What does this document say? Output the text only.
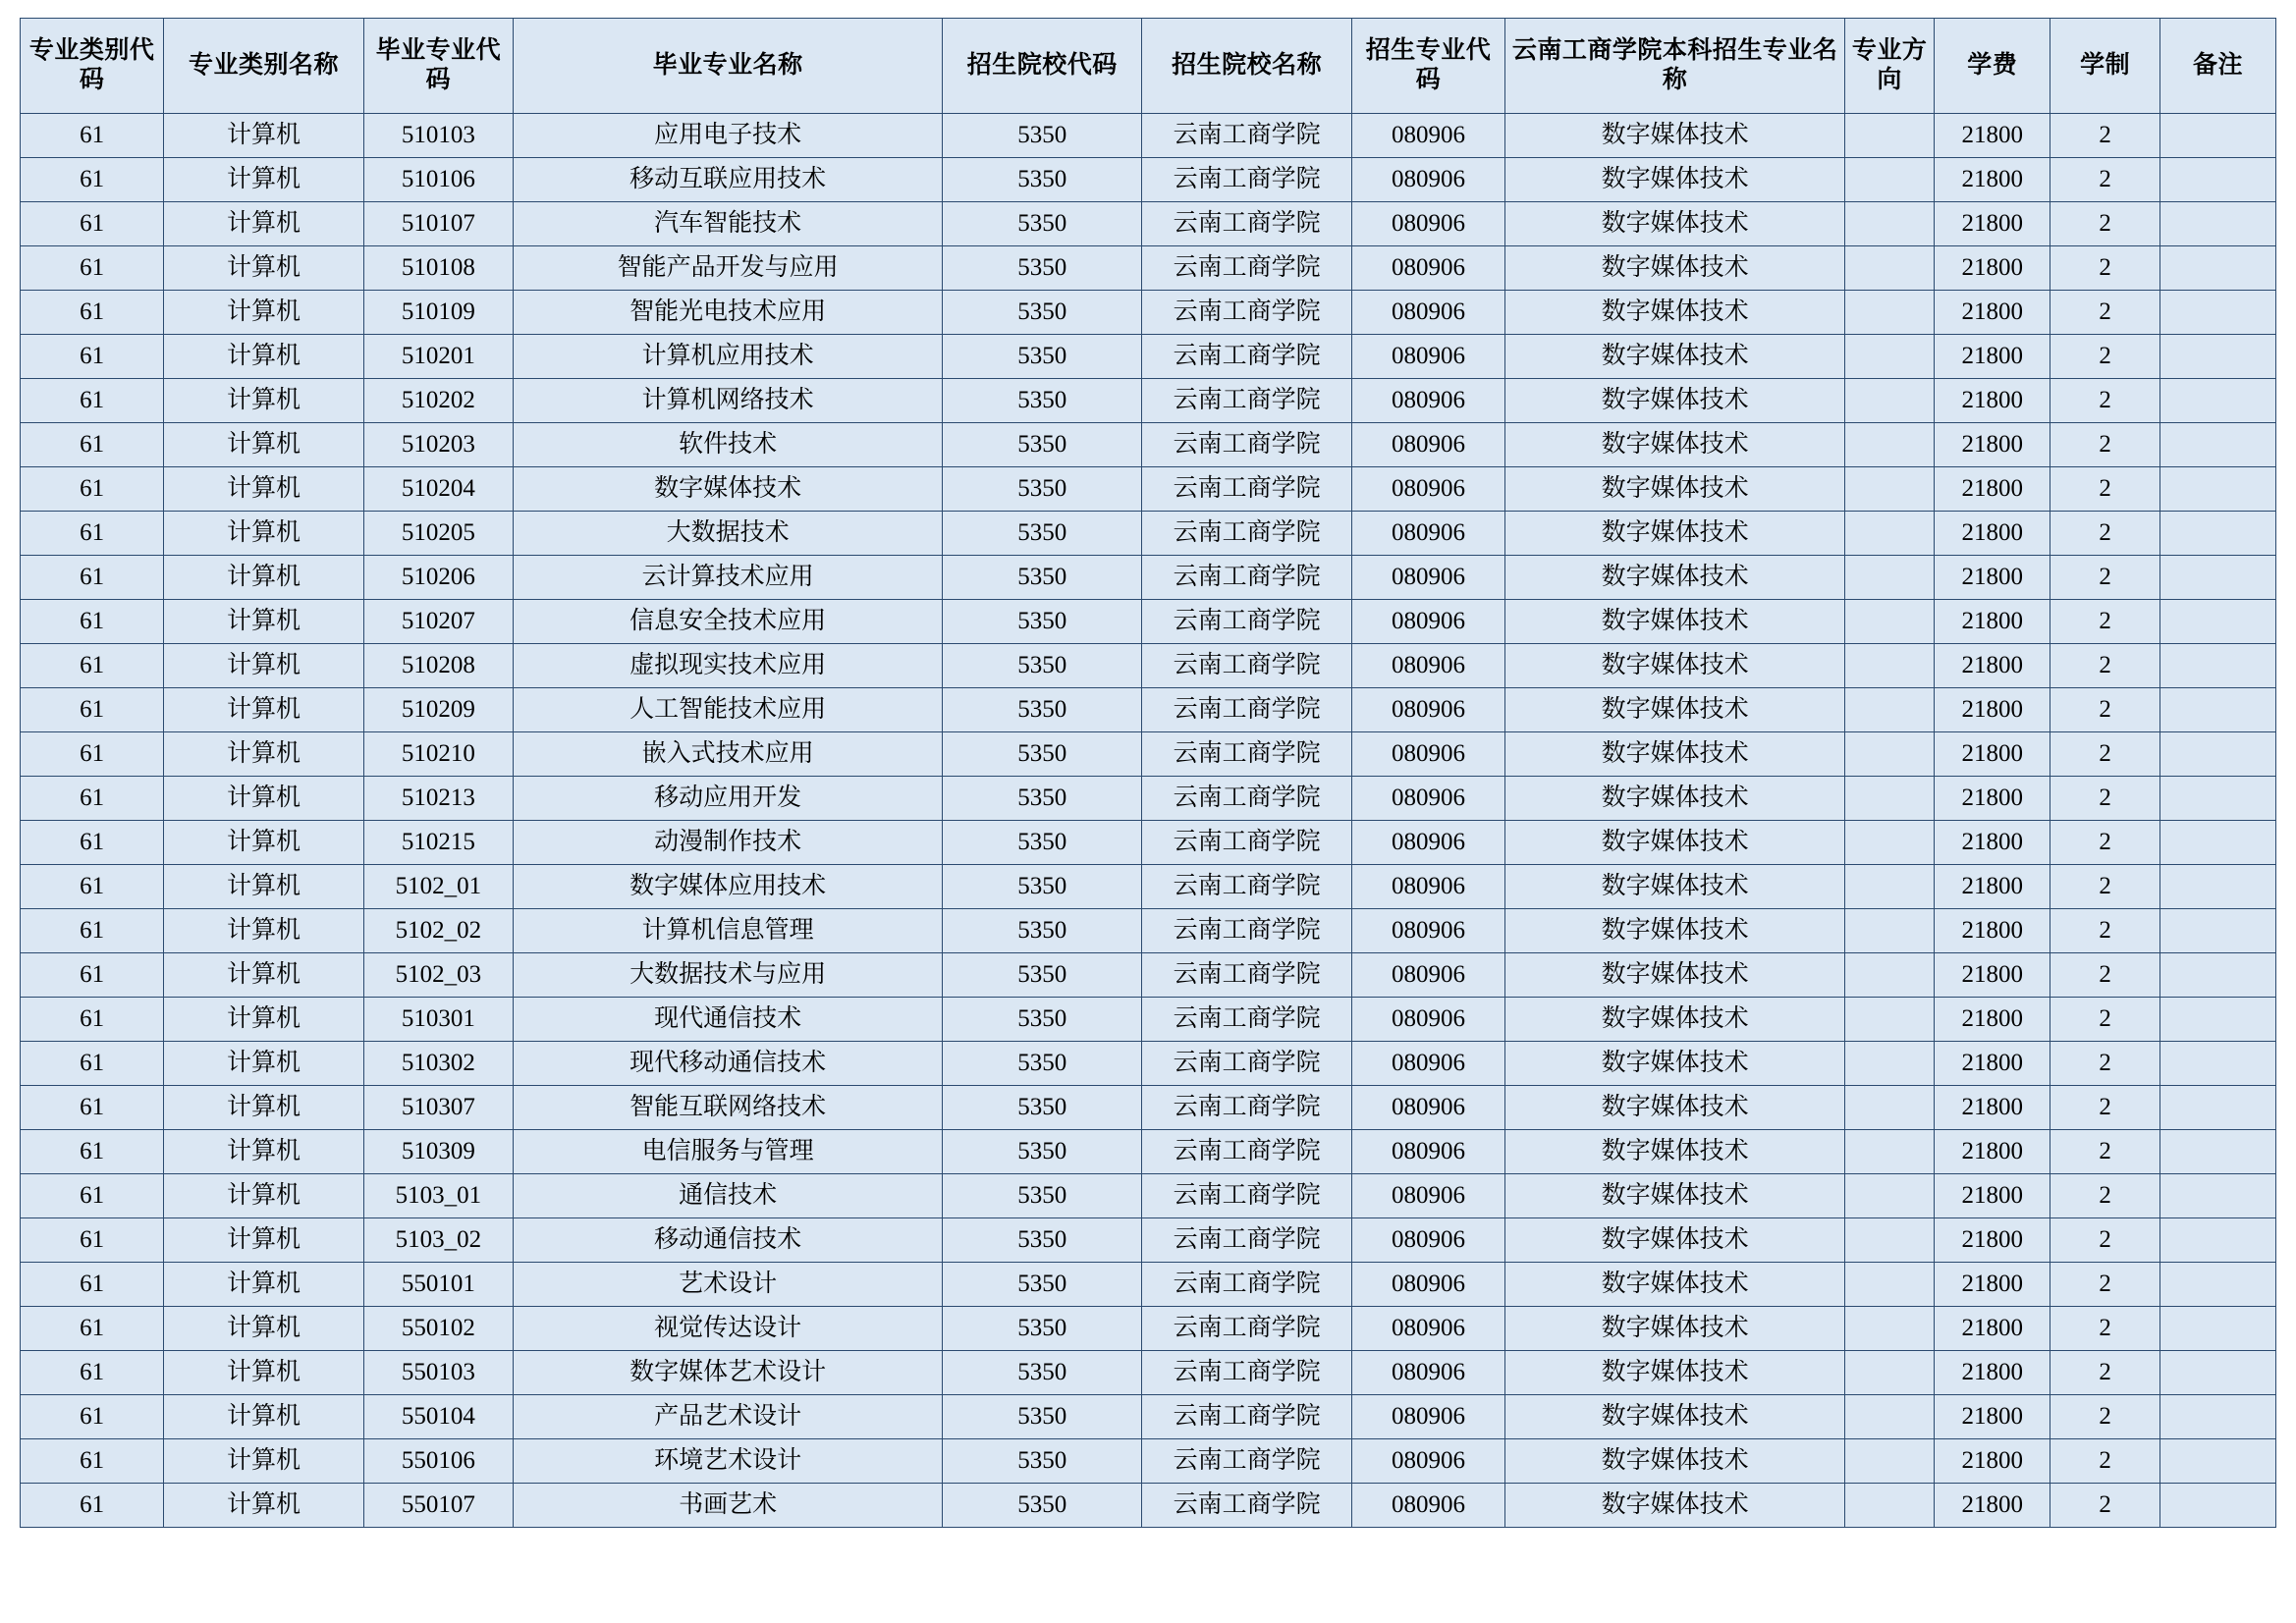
专业类别代码	专业类别名称	毕业专业代码	毕业专业名称	招生院校代码	招生院校名称	招生专业代码	云南工商学院本科招生专业名称	专业方向	学费	学制	备注
61	计算机	510103	应用电子技术	5350	云南工商学院	080906	数字媒体技术		21800	2	
61	计算机	510106	移动互联应用技术	5350	云南工商学院	080906	数字媒体技术		21800	2	
61	计算机	510107	汽车智能技术	5350	云南工商学院	080906	数字媒体技术		21800	2	
61	计算机	510108	智能产品开发与应用	5350	云南工商学院	080906	数字媒体技术		21800	2	
61	计算机	510109	智能光电技术应用	5350	云南工商学院	080906	数字媒体技术		21800	2	
61	计算机	510201	计算机应用技术	5350	云南工商学院	080906	数字媒体技术		21800	2	
61	计算机	510202	计算机网络技术	5350	云南工商学院	080906	数字媒体技术		21800	2	
61	计算机	510203	软件技术	5350	云南工商学院	080906	数字媒体技术		21800	2	
61	计算机	510204	数字媒体技术	5350	云南工商学院	080906	数字媒体技术		21800	2	
61	计算机	510205	大数据技术	5350	云南工商学院	080906	数字媒体技术		21800	2	
61	计算机	510206	云计算技术应用	5350	云南工商学院	080906	数字媒体技术		21800	2	
61	计算机	510207	信息安全技术应用	5350	云南工商学院	080906	数字媒体技术		21800	2	
61	计算机	510208	虚拟现实技术应用	5350	云南工商学院	080906	数字媒体技术		21800	2	
61	计算机	510209	人工智能技术应用	5350	云南工商学院	080906	数字媒体技术		21800	2	
61	计算机	510210	嵌入式技术应用	5350	云南工商学院	080906	数字媒体技术		21800	2	
61	计算机	510213	移动应用开发	5350	云南工商学院	080906	数字媒体技术		21800	2	
61	计算机	510215	动漫制作技术	5350	云南工商学院	080906	数字媒体技术		21800	2	
61	计算机	5102_01	数字媒体应用技术	5350	云南工商学院	080906	数字媒体技术		21800	2	
61	计算机	5102_02	计算机信息管理	5350	云南工商学院	080906	数字媒体技术		21800	2	
61	计算机	5102_03	大数据技术与应用	5350	云南工商学院	080906	数字媒体技术		21800	2	
61	计算机	510301	现代通信技术	5350	云南工商学院	080906	数字媒体技术		21800	2	
61	计算机	510302	现代移动通信技术	5350	云南工商学院	080906	数字媒体技术		21800	2	
61	计算机	510307	智能互联网络技术	5350	云南工商学院	080906	数字媒体技术		21800	2	
61	计算机	510309	电信服务与管理	5350	云南工商学院	080906	数字媒体技术		21800	2	
61	计算机	5103_01	通信技术	5350	云南工商学院	080906	数字媒体技术		21800	2	
61	计算机	5103_02	移动通信技术	5350	云南工商学院	080906	数字媒体技术		21800	2	
61	计算机	550101	艺术设计	5350	云南工商学院	080906	数字媒体技术		21800	2	
61	计算机	550102	视觉传达设计	5350	云南工商学院	080906	数字媒体技术		21800	2	
61	计算机	550103	数字媒体艺术设计	5350	云南工商学院	080906	数字媒体技术		21800	2	
61	计算机	550104	产品艺术设计	5350	云南工商学院	080906	数字媒体技术		21800	2	
61	计算机	550106	环境艺术设计	5350	云南工商学院	080906	数字媒体技术		21800	2	
61	计算机	550107	书画艺术	5350	云南工商学院	080906	数字媒体技术		21800	2	
